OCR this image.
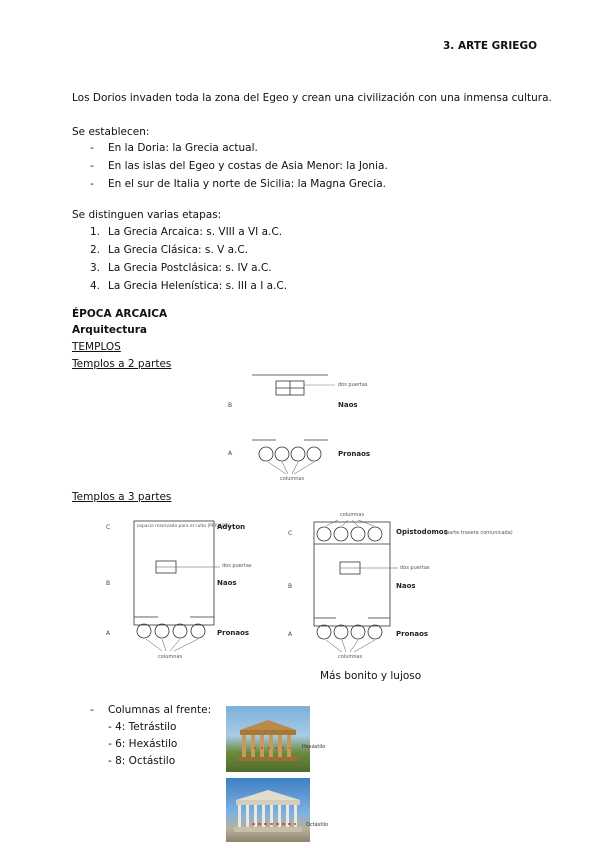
3. ARTE GRIEGO
Los Dorios invaden toda la zona del Egeo y crean una civilización con una inmensa cultura.
Se establecen:
- En la Doria: la Grecia actual.
- En las islas del Egeo y costas de Asia Menor: la Jonia.
- En el sur de Italia y norte de Sicilia: la Magna Grecia.
Se distinguen varias etapas:
1. La Grecia Arcaica: s. VIII a VI a.C.
2. La Grecia Clásica: s. V a.C.
3. La Grecia Postclásica: s. IV a.C.
4. La Grecia Helenística: s. III a I a.C.
ÉPOCA ARCAICA
Arquitectura
TEMPLOS
Templos a 2 partes
dos puertas
B	Naos
A	Pronaos
columnas
Templos a 3 partes
C	espacio reservado para el culto (PRIVADO)
Adyton
dos puertas
B	Naos
A	Pronaos
columnas
columnas
C	Opistodomos
(parte trasera comunicada)
dos puertas
B	Naos
A	Pronaos
columnas
Más bonito y lujoso
- Columnas al frente:
- 4: Tetrástilo
- 6: Hexástilo
- 8: Octástilo
Hexástilo
Octástilo
